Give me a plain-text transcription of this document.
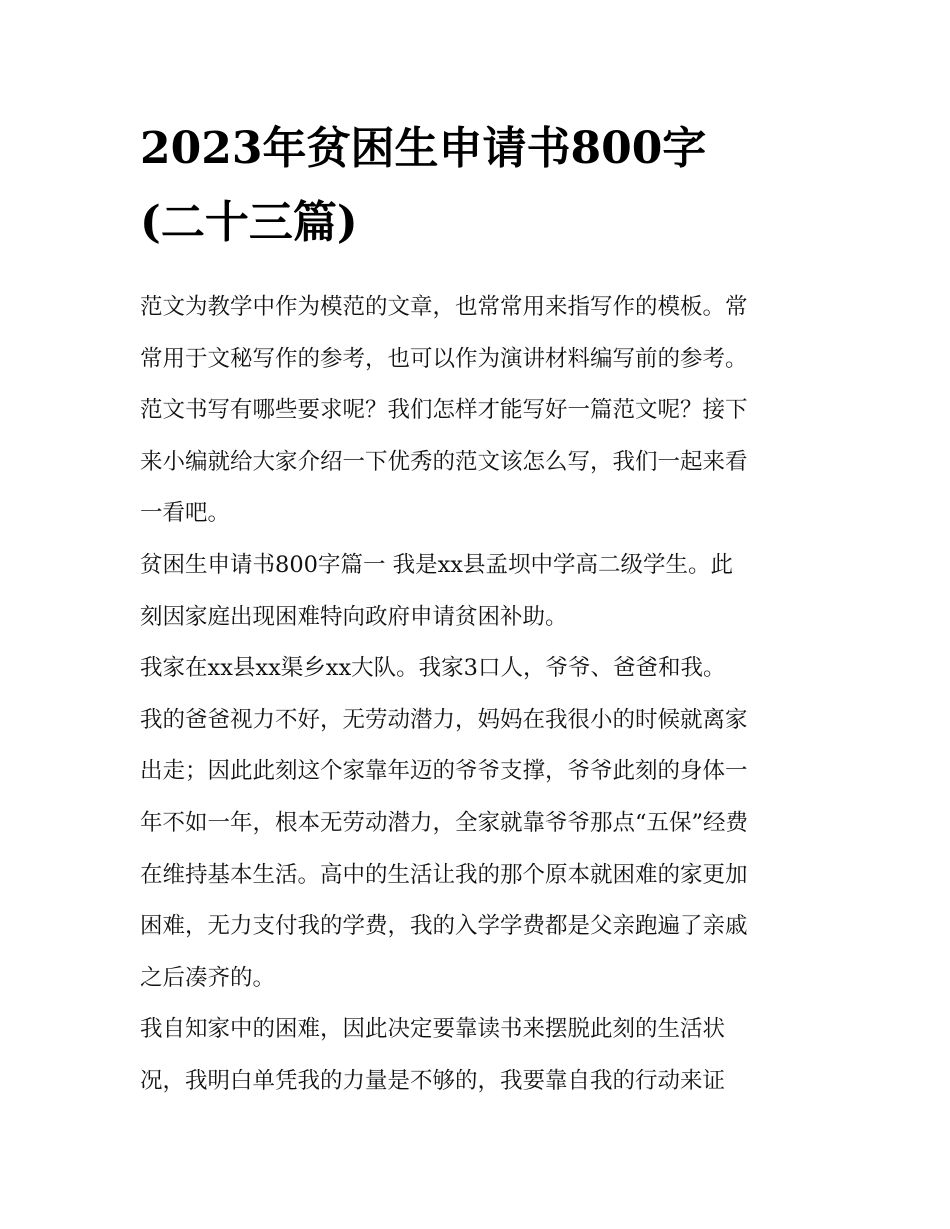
2023年贫困生申请书800字
(二十三篇)
范文为教学中作为模范的文章，也常常用来指写作的模板。常
常用于文秘写作的参考，也可以作为演讲材料编写前的参考。
范文书写有哪些要求呢？我们怎样才能写好一篇范文呢？接下
来小编就给大家介绍一下优秀的范文该怎么写，我们一起来看
一看吧。
贫困生申请书800字篇一 我是xx县孟坝中学高二级学生。此
刻因家庭出现困难特向政府申请贫困补助。
我家在xx县xx渠乡xx大队。我家3口人，爷爷、爸爸和我。
我的爸爸视力不好，无劳动潜力，妈妈在我很小的时候就离家
出走；因此此刻这个家靠年迈的爷爷支撑，爷爷此刻的身体一
年不如一年，根本无劳动潜力，全家就靠爷爷那点“五保”经费
在维持基本生活。高中的生活让我的那个原本就困难的家更加
困难，无力支付我的学费，我的入学学费都是父亲跑遍了亲戚
之后凑齐的。
我自知家中的困难，因此决定要靠读书来摆脱此刻的生活状
况，我明白单凭我的力量是不够的，我要靠自我的行动来证
